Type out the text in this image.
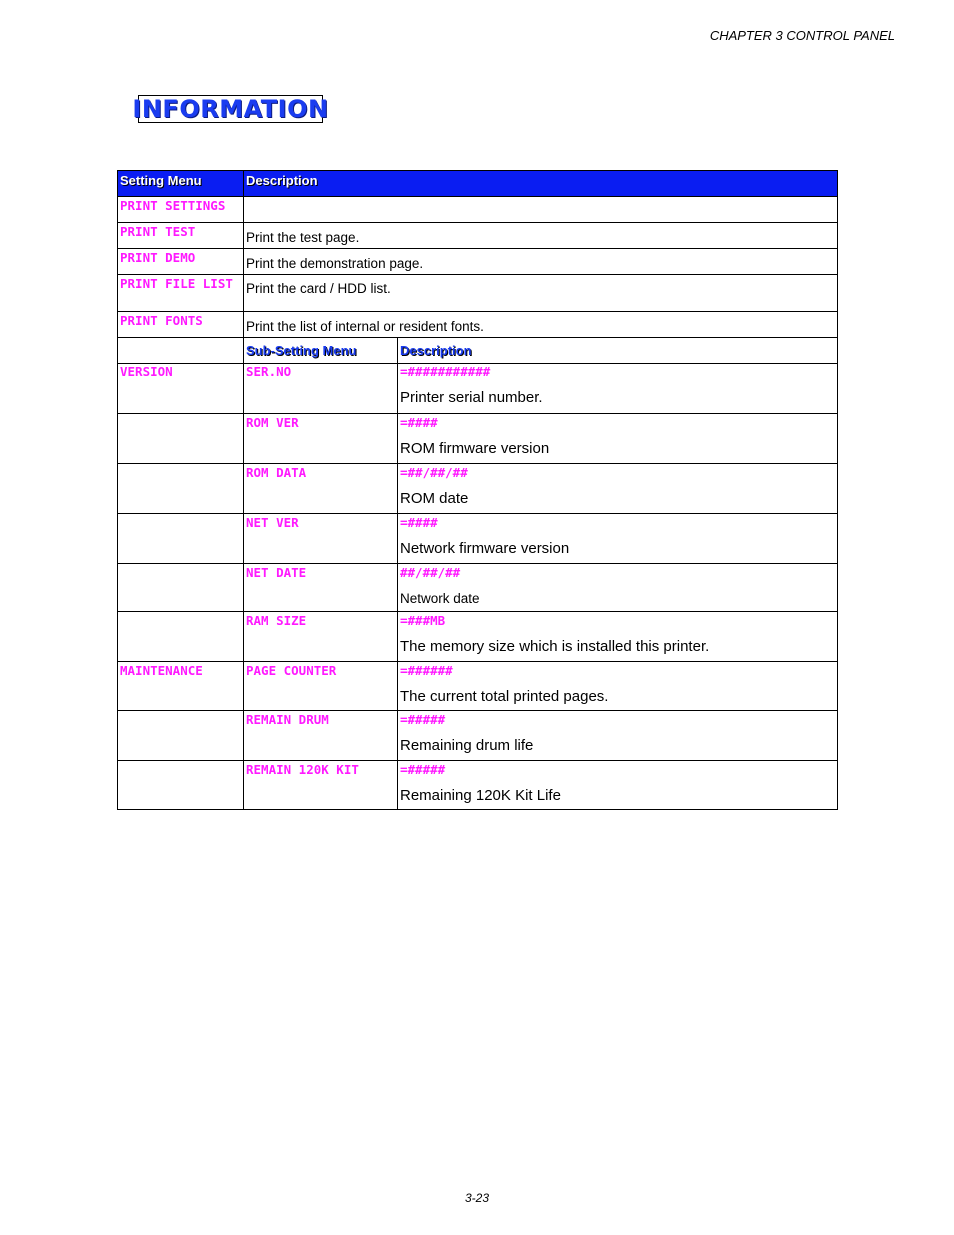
CHAPTER 3 CONTROL PANEL
INFORMATION
Setting Menu	Description	
PRINT SETTINGS		
PRINT TEST	Print the test page.	
PRINT DEMO	Print the demonstration page.	
PRINT FILE LIST	Print the card / HDD list.	
PRINT FONTS	Print the list of internal or resident fonts.	
	Sub-Setting Menu	Description
VERSION	SER.NO	=###########
Printer serial number.

	ROM VER	=####
ROM firmware version

	ROM DATA	=##/##/##
ROM date

	NET VER	=####
Network firmware version

	NET DATE	##/##/##
Network date

	RAM SIZE	=###MB
The memory size which is installed this printer.

MAINTENANCE	PAGE COUNTER	=######
The current total printed pages.

	REMAIN DRUM	=#####
Remaining drum life

	REMAIN 120K KIT	=#####
Remaining 120K Kit Life
3-23
